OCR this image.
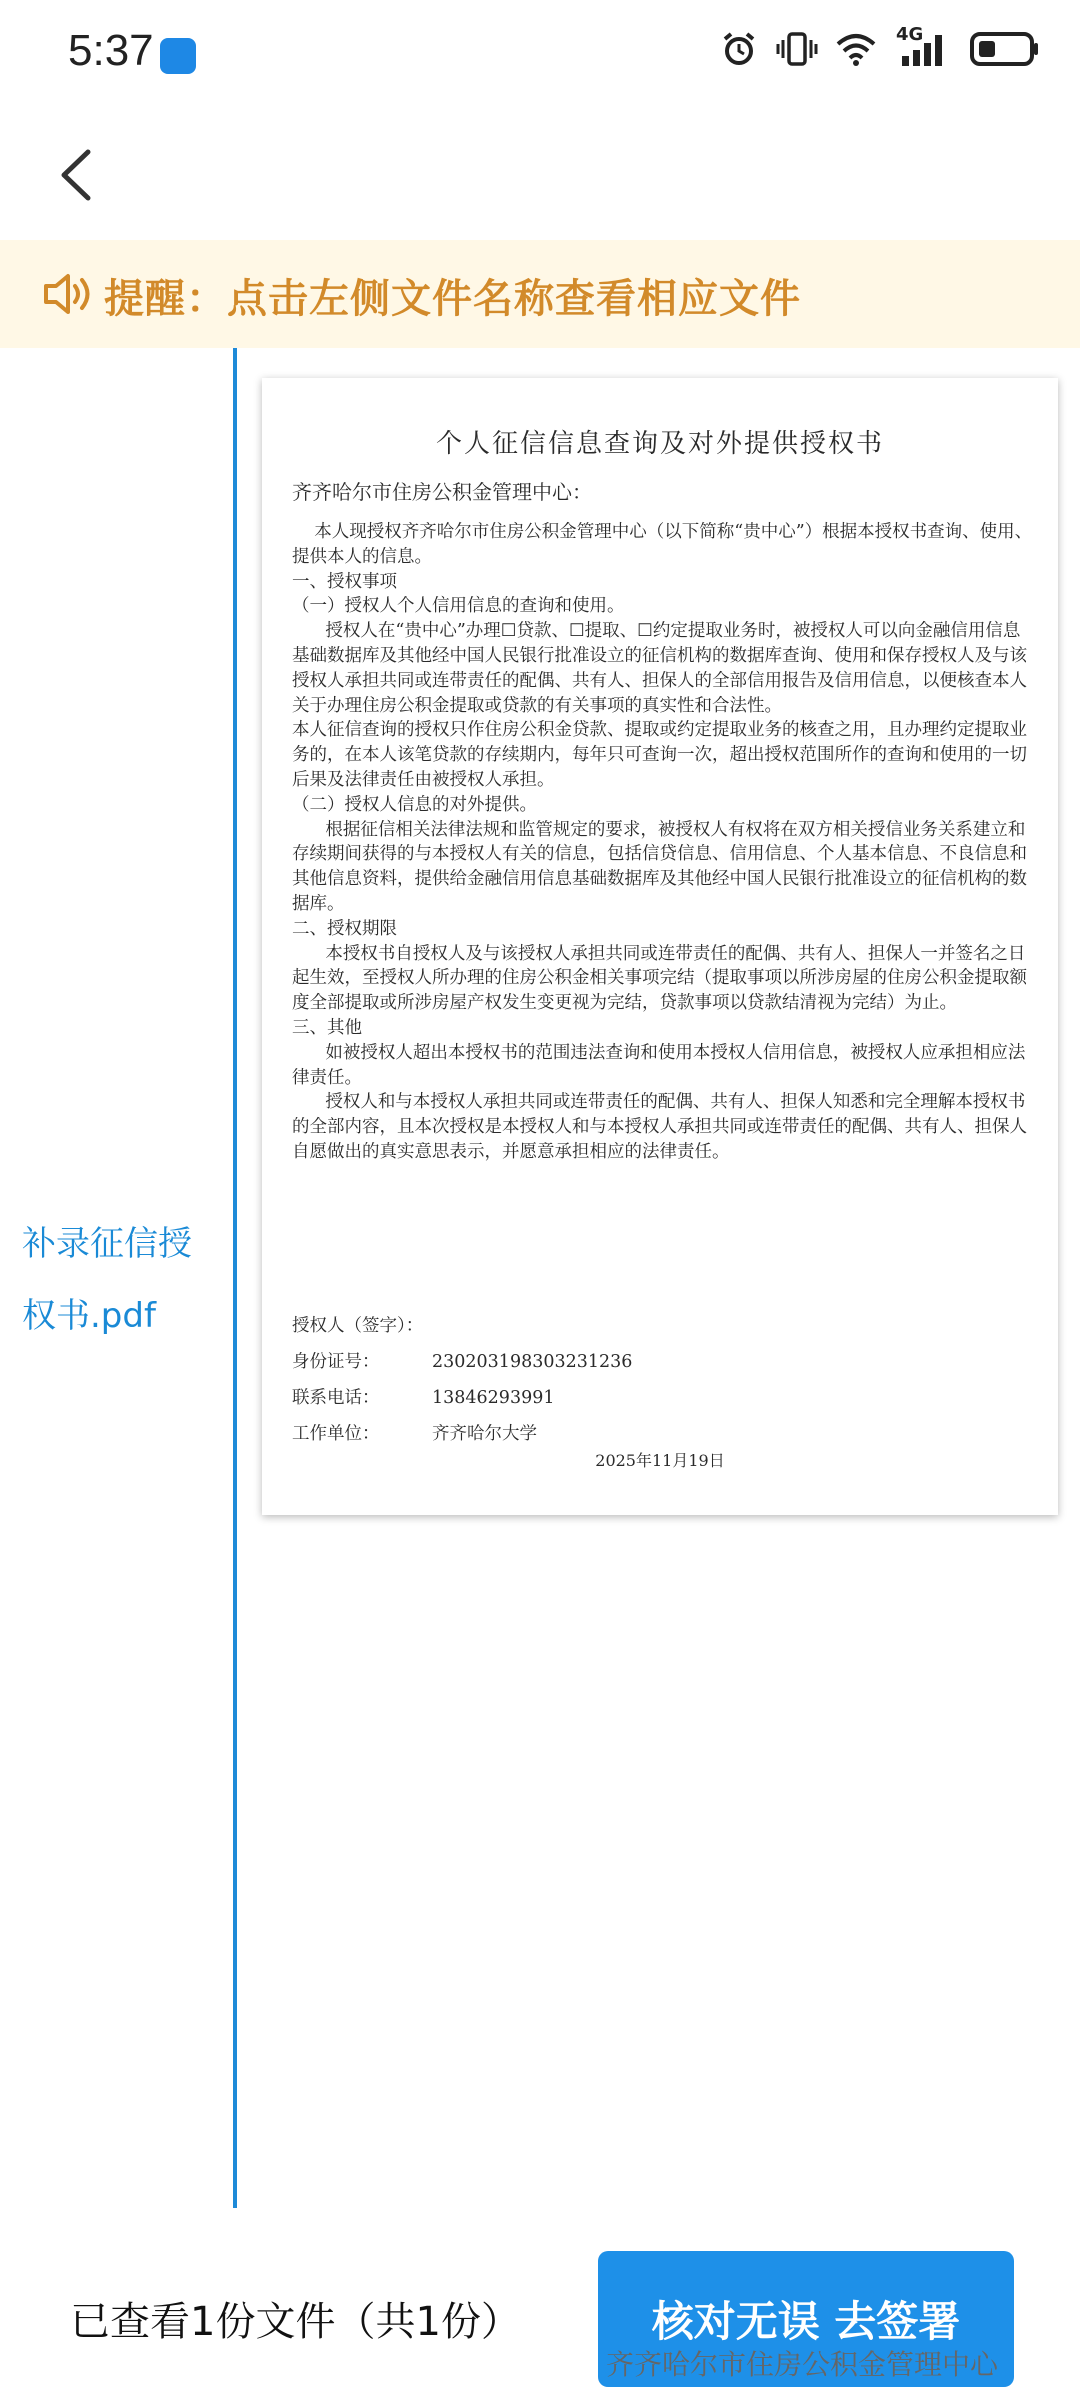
5:37	4G
提醒：点击左侧文件名称查看相应文件
补录征信授
权书.pdf
个人征信信息查询及对外提供授权书
齐齐哈尔市住房公积金管理中心：

本人现授权齐齐哈尔市住房公积金管理中心（以下简称“贵中心”）根据本授权书查询、使用、提供本人的信息。

一、授权事项

（一）授权人个人信用信息的查询和使用。

授权人在“贵中心”办理☐贷款、☐提取、☐约定提取业务时，被授权人可以向金融信用信息基础数据库及其他经中国人民银行批准设立的征信机构的数据库查询、使用和保存授权人及与该授权人承担共同或连带责任的配偶、共有人、担保人的全部信用报告及信用信息，以便核查本人关于办理住房公积金提取或贷款的有关事项的真实性和合法性。

本人征信查询的授权只作住房公积金贷款、提取或约定提取业务的核查之用，且办理约定提取业务的，在本人该笔贷款的存续期内，每年只可查询一次，超出授权范围所作的查询和使用的一切后果及法律责任由被授权人承担。

（二）授权人信息的对外提供。

根据征信相关法律法规和监管规定的要求，被授权人有权将在双方相关授信业务关系建立和存续期间获得的与本授权人有关的信息，包括信贷信息、信用信息、个人基本信息、不良信息和其他信息资料，提供给金融信用信息基础数据库及其他经中国人民银行批准设立的征信机构的数据库。

二、授权期限

本授权书自授权人及与该授权人承担共同或连带责任的配偶、共有人、担保人一并签名之日起生效，至授权人所办理的住房公积金相关事项完结（提取事项以所涉房屋的住房公积金提取额度全部提取或所涉房屋产权发生变更视为完结，贷款事项以贷款结清视为完结）为止。

三、其他

如被授权人超出本授权书的范围违法查询和使用本授权人信用信息，被授权人应承担相应法律责任。

授权人和与本授权人承担共同或连带责任的配偶、共有人、担保人知悉和完全理解本授权书的全部内容，且本次授权是本授权人和与本授权人承担共同或连带责任的配偶、共有人、担保人自愿做出的真实意思表示，并愿意承担相应的法律责任。

授权人（签字）：
身份证号：	230203198303231236
联系电话：	13846293991
工作单位：	齐齐哈尔大学
2025年11月19日
已查看1份文件（共1份）	核对无误 去签署
齐齐哈尔市住房公积金管理中心
